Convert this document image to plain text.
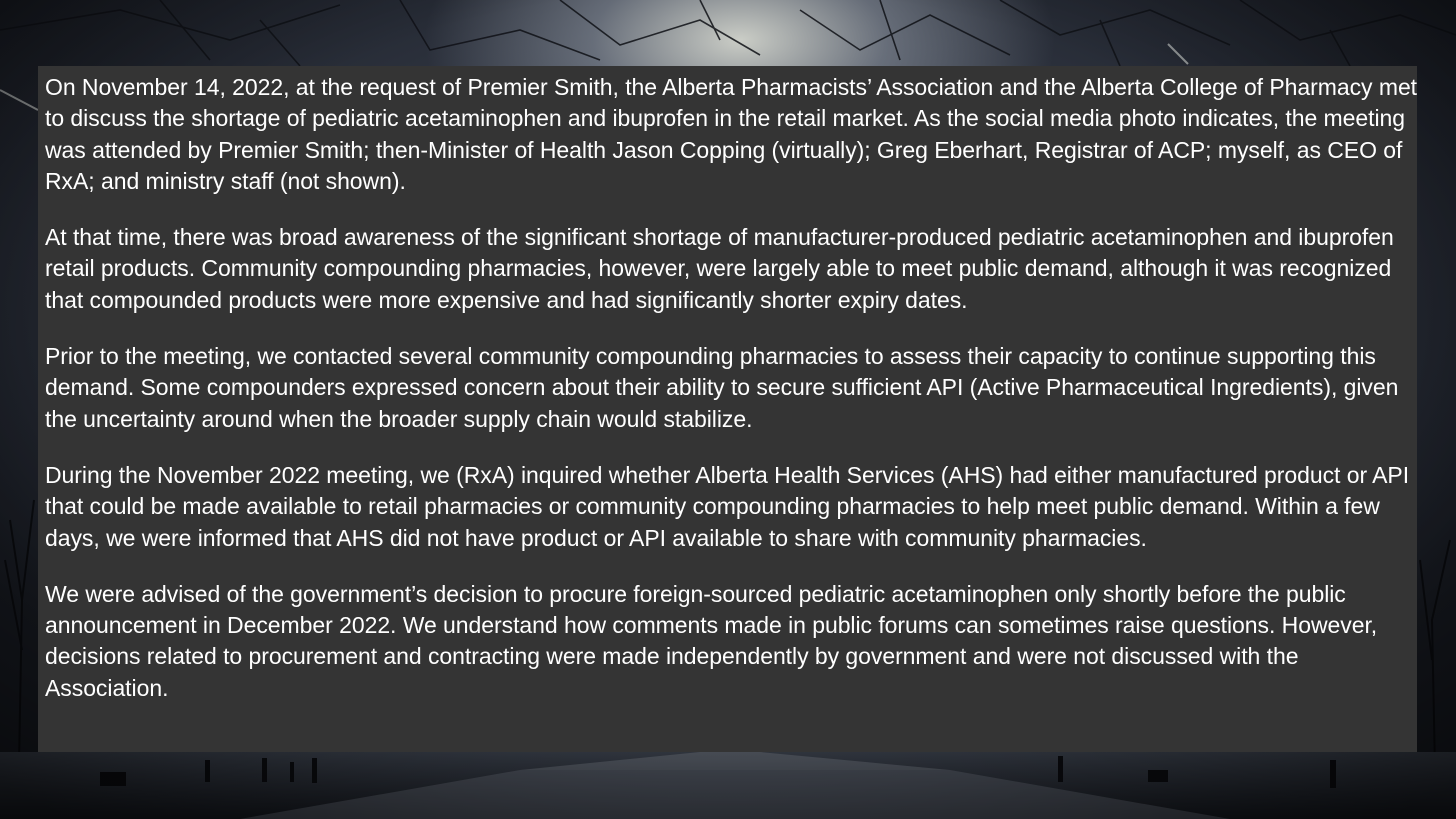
On November 14, 2022, at the request of Premier Smith, the Alberta Pharmacists’ Association and the Alberta College of Pharmacy met to discuss the shortage of pediatric acetaminophen and ibuprofen in the retail market. As the social media photo indicates, the meeting was attended by Premier Smith; then-Minister of Health Jason Copping (virtually); Greg Eberhart, Registrar of ACP; myself, as CEO of RxA; and ministry staff (not shown).

At that time, there was broad awareness of the significant shortage of manufacturer-produced pediatric acetaminophen and ibuprofen retail products. Community compounding pharmacies, however, were largely able to meet public demand, although it was recognized that compounded products were more expensive and had significantly shorter expiry dates.

Prior to the meeting, we contacted several community compounding pharmacies to assess their capacity to continue supporting this demand. Some compounders expressed concern about their ability to secure sufficient API (Active Pharmaceutical Ingredients), given the uncertainty around when the broader supply chain would stabilize.

During the November 2022 meeting, we (RxA) inquired whether Alberta Health Services (AHS) had either manufactured product or API that could be made available to retail pharmacies or community compounding pharmacies to help meet public demand. Within a few days, we were informed that AHS did not have product or API available to share with community pharmacies.

We were advised of the government’s decision to procure foreign-sourced pediatric acetaminophen only shortly before the public announcement in December 2022. We understand how comments made in public forums can sometimes raise questions. However, decisions related to procurement and contracting were made independently by government and were not discussed with the Association.
